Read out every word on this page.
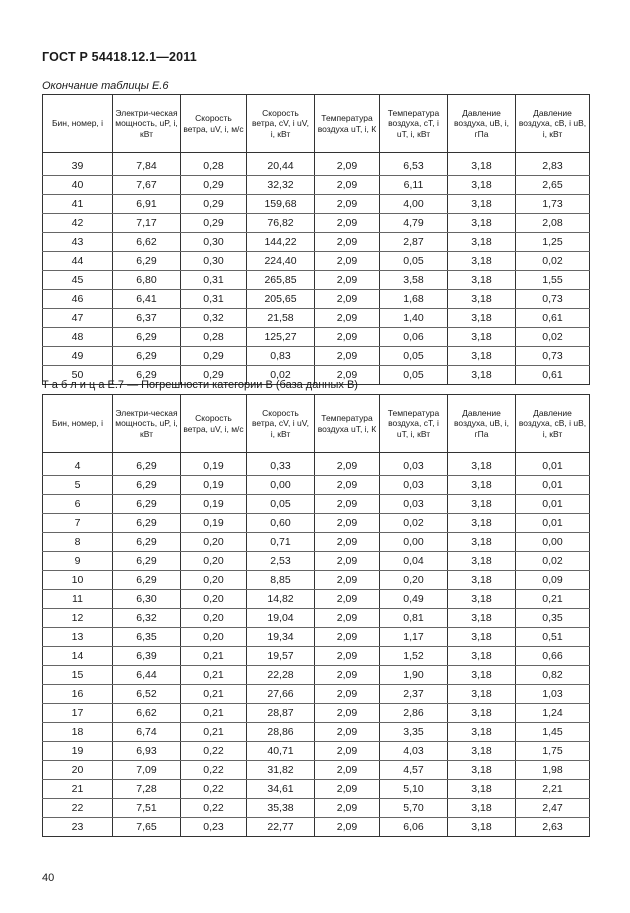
ГОСТ Р 54418.12.1—2011
Окончание таблицы Е.6
Бин, номер, i	Электри-ческая мощность, uP, i, кВт	Скорость ветра, uV, i, м/с	Скорость ветра, cV, i uV, i, кВт	Температура воздуха uT, i, К	Температура воздуха, cT, i uT, i, кВт	Давление воздуха, uB, i, гПа	Давление воздуха, cB, i uB, i, кВт

39	7,84	0,28	20,44	2,09	6,53	3,18	2,83
40	7,67	0,29	32,32	2,09	6,11	3,18	2,65
41	6,91	0,29	159,68	2,09	4,00	3,18	1,73
42	7,17	0,29	76,82	2,09	4,79	3,18	2,08
43	6,62	0,30	144,22	2,09	2,87	3,18	1,25
44	6,29	0,30	224,40	2,09	0,05	3,18	0,02
45	6,80	0,31	265,85	2,09	3,58	3,18	1,55
46	6,41	0,31	205,65	2,09	1,68	3,18	0,73
47	6,37	0,32	21,58	2,09	1,40	3,18	0,61
48	6,29	0,28	125,27	2,09	0,06	3,18	0,02
49	6,29	0,29	0,83	2,09	0,05	3,18	0,73
50	6,29	0,29	0,02	2,09	0,05	3,18	0,61
Т а б л и ц а Е.7 — Погрешности категории В (база данных В)
Бин, номер, i	Электри-ческая мощность, uP, i, кВт	Скорость ветра, uV, i, м/с	Скорость ветра, cV, i uV, i, кВт	Температура воздуха uT, i, К	Температура воздуха, cT, i uT, i, кВт	Давление воздуха, uB, i, гПа	Давление воздуха, cB, i uB, i, кВт

4	6,29	0,19	0,33	2,09	0,03	3,18	0,01
5	6,29	0,19	0,00	2,09	0,03	3,18	0,01
6	6,29	0,19	0,05	2,09	0,03	3,18	0,01
7	6,29	0,19	0,60	2,09	0,02	3,18	0,01
8	6,29	0,20	0,71	2,09	0,00	3,18	0,00
9	6,29	0,20	2,53	2,09	0,04	3,18	0,02
10	6,29	0,20	8,85	2,09	0,20	3,18	0,09
11	6,30	0,20	14,82	2,09	0,49	3,18	0,21
12	6,32	0,20	19,04	2,09	0,81	3,18	0,35
13	6,35	0,20	19,34	2,09	1,17	3,18	0,51
14	6,39	0,21	19,57	2,09	1,52	3,18	0,66
15	6,44	0,21	22,28	2,09	1,90	3,18	0,82
16	6,52	0,21	27,66	2,09	2,37	3,18	1,03
17	6,62	0,21	28,87	2,09	2,86	3,18	1,24
18	6,74	0,21	28,86	2,09	3,35	3,18	1,45
19	6,93	0,22	40,71	2,09	4,03	3,18	1,75
20	7,09	0,22	31,82	2,09	4,57	3,18	1,98
21	7,28	0,22	34,61	2,09	5,10	3,18	2,21
22	7,51	0,22	35,38	2,09	5,70	3,18	2,47
23	7,65	0,23	22,77	2,09	6,06	3,18	2,63
40
